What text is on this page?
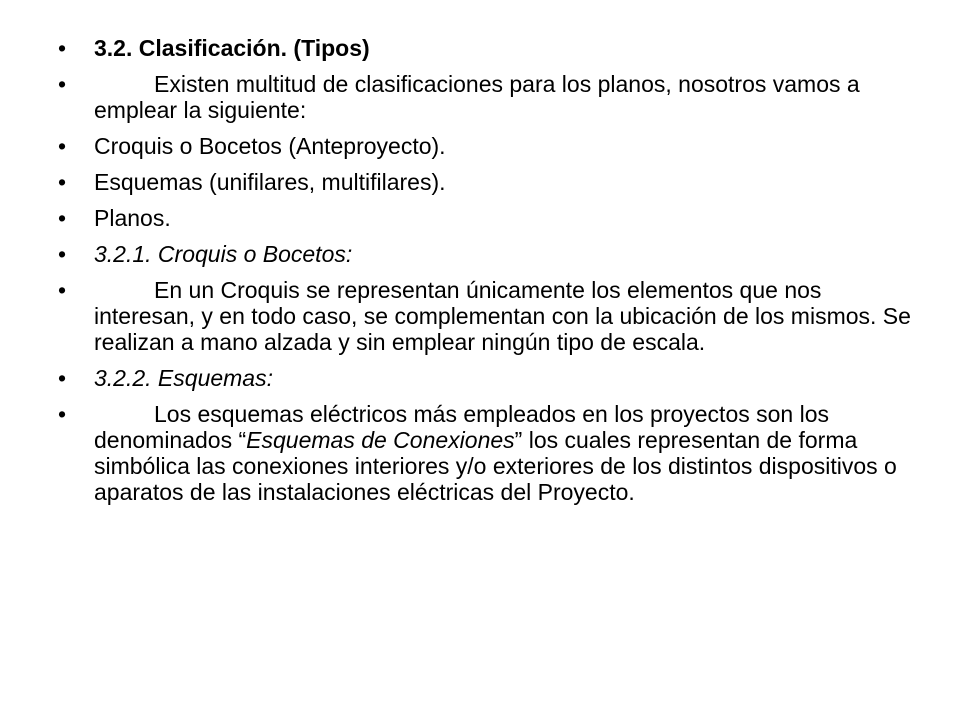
•	3.2. Clasificación. (Tipos)
•	Existen multitud de clasificaciones para los planos, nosotros vamos a emplear la siguiente:
•	Croquis o Bocetos (Anteproyecto).
•	Esquemas (unifilares, multifilares).
•	Planos.
•	3.2.1. Croquis o Bocetos:
•	En un Croquis se representan únicamente los elementos que nos interesan, y en todo caso, se complementan con la ubicación de los mismos. Se realizan a mano alzada y sin emplear ningún tipo de escala.
•	3.2.2. Esquemas:
•	Los esquemas eléctricos más empleados en los proyectos son los denominados “Esquemas de Conexiones” los cuales representan de forma simbólica las conexiones interiores y/o exteriores de los distintos dispositivos o aparatos de las instalaciones eléctricas del Proyecto.
